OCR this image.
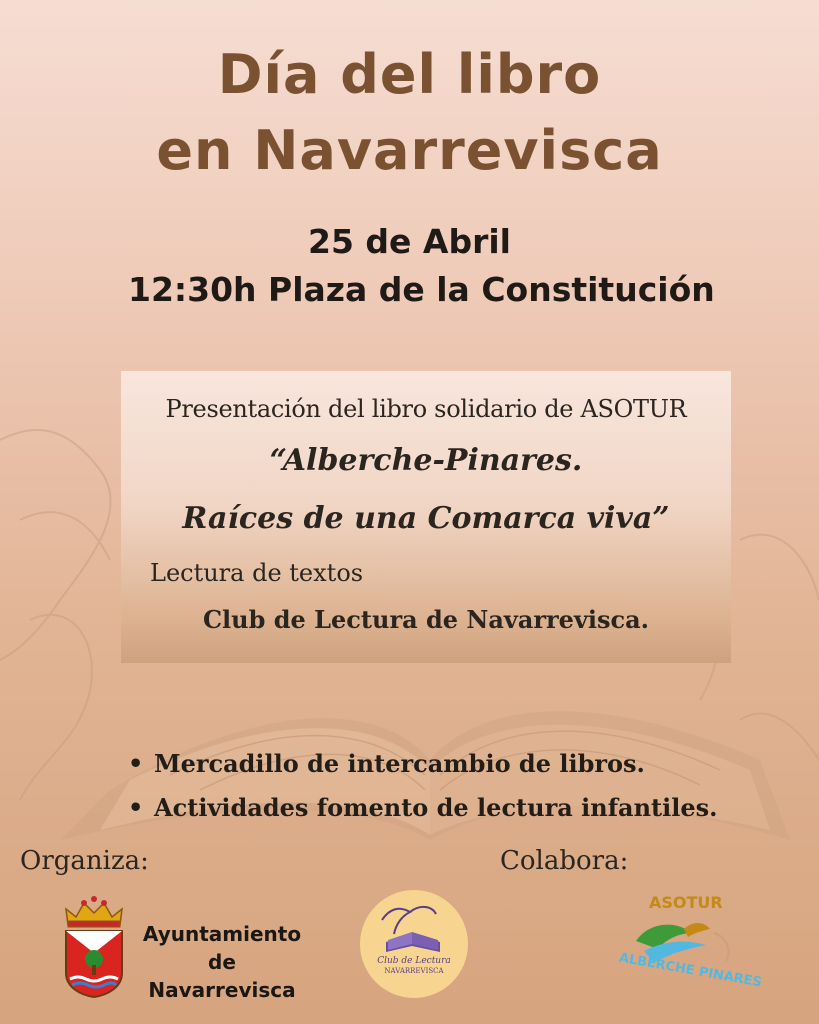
Día del libro
en Navarrevisca
25 de Abril
12:30h Plaza de la Constitución
Presentación del libro solidario de ASOTUR
“Alberche-Pinares.
Raíces de una Comarca viva”
Lectura de textos
Club de Lectura de Navarrevisca.
• Mercadillo de intercambio de libros.
• Actividades fomento de lectura infantiles.
Organiza:	Colabora:
Ayuntamiento
de Navarrevisca
Club de Lectura
NAVARREVISCA
ASOTUR
ALBERCHE PINARES
